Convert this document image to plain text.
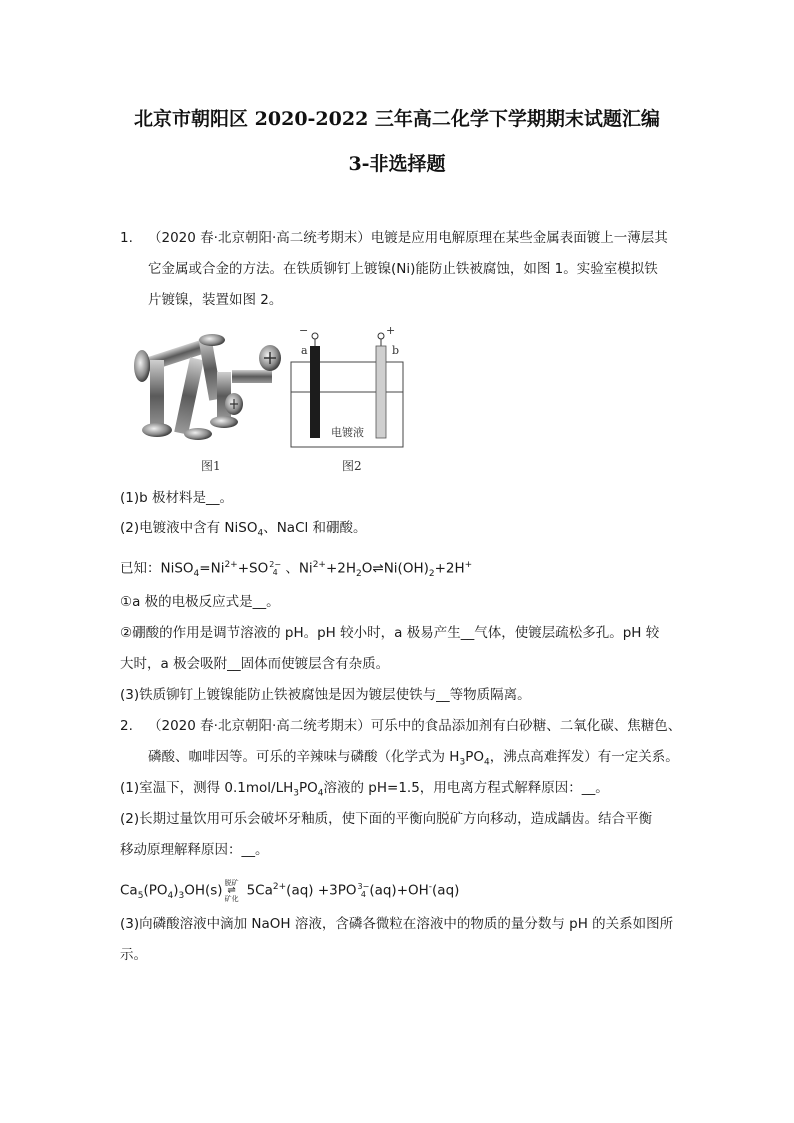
北京市朝阳区 2020-2022 三年高二化学下学期期末试题汇编
3-非选择题
1. （2020 春·北京朝阳·高二统考期末）电镀是应用电解原理在某些金属表面镀上一薄层其
它金属或合金的方法。在铁质铆钉上镀镍(Ni)能防止铁被腐蚀，如图 1。实验室模拟铁
片镀镍，装置如图 2。
图1
−	+
a	b
电镀液
图2
(1)b 极材料是__。
(2)电镀液中含有 NiSO$_4$、NaCl 和硼酸。
已知：$NiSO_4=Ni^{2+}+SO$ 2−
4 、$Ni^{2+}+2H_2O\rightleftharpoons Ni(OH)_2+2H^+$
①a 极的电极反应式是__。
②硼酸的作用是调节溶液的 pH。pH 较小时，a 极易产生__气体，使镀层疏松多孔。pH 较
大时，a 极会吸附__固体而使镀层含有杂质。
(3)铁质铆钉上镀镍能防止铁被腐蚀是因为镀层使铁与__等物质隔离。
2. （2020 春·北京朝阳·高二统考期末）可乐中的食品添加剂有白砂糖、二氧化碳、焦糖色、
磷酸、咖啡因等。可乐的辛辣味与磷酸（化学式为 $H_3PO_4$，沸点高难挥发）有一定关系。
(1)室温下，测得 $0.1mol/LH_3PO_4$溶液的 pH=1.5，用电离方程式解释原因：__。
(2)长期过量饮用可乐会破坏牙釉质，使下面的平衡向脱矿方向移动，造成龋齿。结合平衡
移动原理解释原因：__。
$Ca_5(PO_4)_3OH(s)$ 脱矿
⇌
矿化 $5Ca^{2+}(aq) +3PO$ 3−
4 (aq)+OH-(aq)
(3)向磷酸溶液中滴加 NaOH 溶液，含磷各微粒在溶液中的物质的量分数与 pH 的关系如图所
示。
